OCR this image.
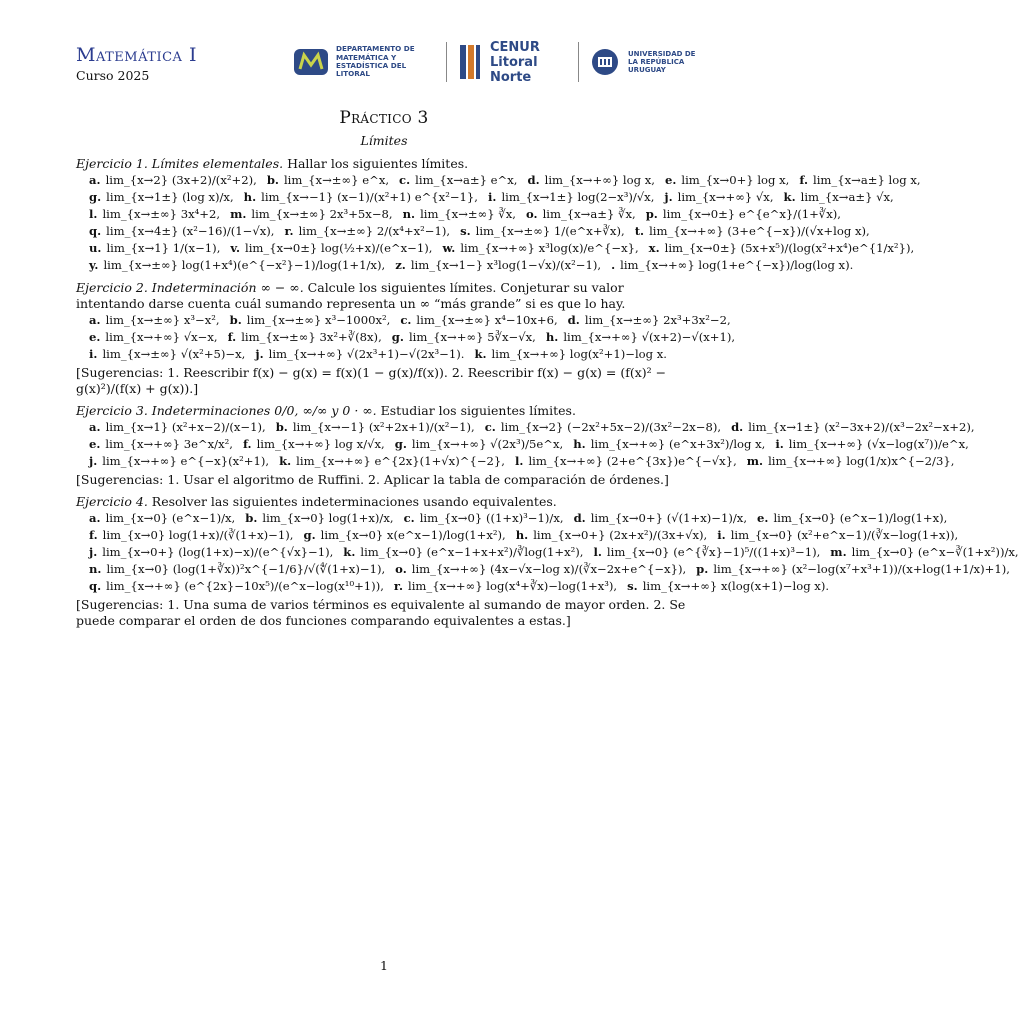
Matemática I
Curso 2025
DEPARTAMENTO DE MATEMÁTICA Y ESTADÍSTICA DEL LITORAL
CENUR Litoral Norte
UNIVERSIDAD DE LA REPÚBLICA URUGUAY
Práctico 3
Límites
Ejercicio 1. Límites elementales. Hallar los siguientes límites.
a. lim_{x→2} (3x+2)/(x²+2), b. lim_{x→±∞} e^x, c. lim_{x→a±} e^x, d. lim_{x→+∞} log x, e. lim_{x→0+} log x, f. lim_{x→a±} log x,
g. lim_{x→1±} (log x)/x, h. lim_{x→−1} (x−1)/(x²+1) e^{x²−1}, i. lim_{x→1±} log(2−x³)/√x, j. lim_{x→+∞} √x, k. lim_{x→a±} √x,
l. lim_{x→±∞} 3x⁴+2, m. lim_{x→±∞} 2x³+5x−8, n. lim_{x→±∞} ∛x, o. lim_{x→a±} ∛x, p. lim_{x→0±} e^{e^x}/(1+∛x),
q. lim_{x→4±} (x²−16)/(1−√x), r. lim_{x→±∞} 2/(x⁴+x²−1), s. lim_{x→±∞} 1/(e^x+∛x), t. lim_{x→+∞} (3+e^{−x})/(√x+log x),
u. lim_{x→1} 1/(x−1), v. lim_{x→0±} log(½+x)/(e^x−1), w. lim_{x→+∞} x³log(x)/e^{−x}, x. lim_{x→0±} (5x+x⁵)/(log(x²+x⁴)e^{1/x²}),
y. lim_{x→±∞} log(1+x⁴)(e^{−x²}−1)/log(1+1/x), z. lim_{x→1−} x³log(1−√x)/(x²−1), . lim_{x→+∞} log(1+e^{−x})/log(log x).
Ejercicio 2. Indeterminación ∞ − ∞. Calcule los siguientes límites. Conjeturar su valor intentando darse cuenta cuál sumando representa un ∞ “más grande” si es que lo hay.
a. lim_{x→±∞} x³−x², b. lim_{x→±∞} x³−1000x², c. lim_{x→±∞} x⁴−10x+6, d. lim_{x→±∞} 2x³+3x²−2,
e. lim_{x→+∞} √x−x, f. lim_{x→±∞} 3x²+∛(8x), g. lim_{x→+∞} 5∛x−√x, h. lim_{x→+∞} √(x+2)−√(x+1),
i. lim_{x→±∞} √(x²+5)−x, j. lim_{x→+∞} √(2x³+1)−√(2x³−1). k. lim_{x→+∞} log(x²+1)−log x.
[Sugerencias: 1. Reescribir f(x) − g(x) = f(x)(1 − g(x)/f(x)). 2. Reescribir f(x) − g(x) = (f(x)² − g(x)²)/(f(x) + g(x)).]
Ejercicio 3. Indeterminaciones 0/0, ∞/∞ y 0 · ∞. Estudiar los siguientes límites.
a. lim_{x→1} (x²+x−2)/(x−1), b. lim_{x→−1} (x²+2x+1)/(x²−1), c. lim_{x→2} (−2x²+5x−2)/(3x²−2x−8), d. lim_{x→1±} (x²−3x+2)/(x³−2x²−x+2),
e. lim_{x→+∞} 3e^x/x², f. lim_{x→+∞} log x/√x, g. lim_{x→+∞} √(2x³)/5e^x, h. lim_{x→+∞} (e^x+3x²)/log x, i. lim_{x→+∞} (√x−log(x⁷))/e^x,
j. lim_{x→+∞} e^{−x}(x²+1), k. lim_{x→+∞} e^{2x}(1+√x)^{−2}, l. lim_{x→+∞} (2+e^{3x})e^{−√x}, m. lim_{x→+∞} log(1/x)x^{−2/3},
[Sugerencias: 1. Usar el algoritmo de Ruffini. 2. Aplicar la tabla de comparación de órdenes.]
Ejercicio 4. Resolver las siguientes indeterminaciones usando equivalentes.
a. lim_{x→0} (e^x−1)/x, b. lim_{x→0} log(1+x)/x, c. lim_{x→0} ((1+x)³−1)/x, d. lim_{x→0+} (√(1+x)−1)/x, e. lim_{x→0} (e^x−1)/log(1+x),
f. lim_{x→0} log(1+x)/(∛(1+x)−1), g. lim_{x→0} x(e^x−1)/log(1+x²), h. lim_{x→0+} (2x+x²)/(3x+√x), i. lim_{x→0} (x²+e^x−1)/(∛x−log(1+x)),
j. lim_{x→0+} (log(1+x)−x)/(e^{√x}−1), k. lim_{x→0} (e^x−1+x+x²)/∛log(1+x²), l. lim_{x→0} (e^{∛x}−1)⁵/((1+x)³−1), m. lim_{x→0} (e^x−∛(1+x²))/x,
n. lim_{x→0} (log(1+∛x))²x^{−1/6}/√(∜(1+x)−1), o. lim_{x→+∞} (4x−√x−log x)/(∛x−2x+e^{−x}), p. lim_{x→+∞} (x²−log(x⁷+x³+1))/(x+log(1+1/x)+1),
q. lim_{x→+∞} (e^{2x}−10x⁵)/(e^x−log(x¹⁰+1)), r. lim_{x→+∞} log(x⁴+∛x)−log(1+x³), s. lim_{x→+∞} x(log(x+1)−log x).
[Sugerencias: 1. Una suma de varios términos es equivalente al sumando de mayor orden. 2. Se puede comparar el orden de dos funciones comparando equivalentes a estas.]
1
